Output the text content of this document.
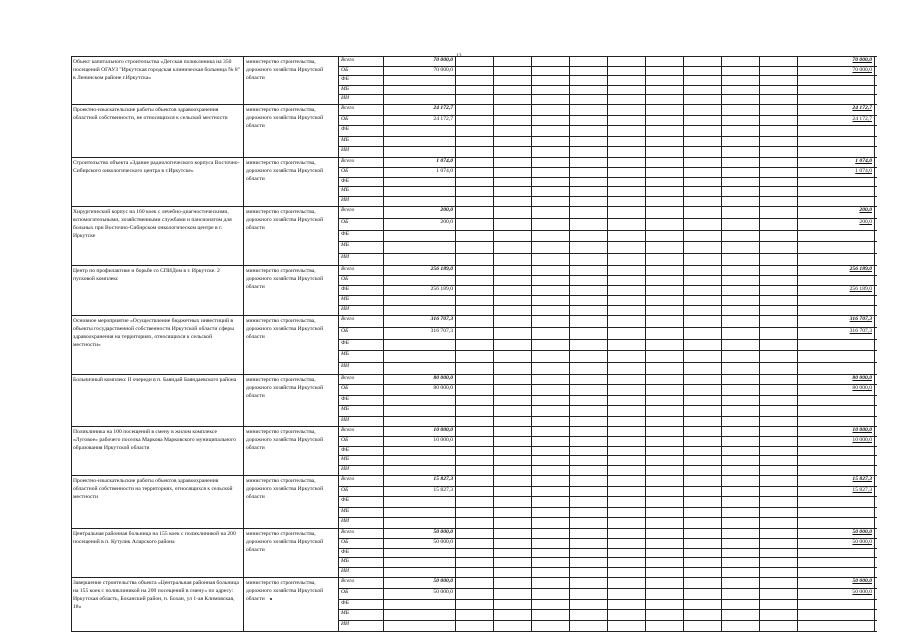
13
Объект капитального строительства «Детская поликлиника на 350 посещений ОГАУЗ "Иркутская городская клиническая больница № 8" в Ленинском районе г.Иркутска»
министерство строительства, дорожного хозяйства Иркутской области
Всего	70 000,0	70 000,0
ОБ	70 000,0	70 000,0
ФБ
МБ
ИИ
Проектно-изыскательские работы объектов здравоохранения областной собственности, не относящихся к сельской местности
министерство строительства, дорожного хозяйства Иркутской области
Всего	24 172,7	24 172,7
ОБ	24 172,7	24 172,7
ФБ
МБ
ИИ
Строительство объекта «Здание радиологического корпуса Восточно-Сибирского онкологического центра в г.Иркутске»
министерство строительства, дорожного хозяйства Иркутской области
Всего	1 074,0	1 074,0
ОБ	1 074,0	1 074,0
ФБ
МБ
ИИ
Хирургический корпус на 160 коек с лечебно-диагностическими, вспомогательными, хозяйственными службами и пансионатом для больных при Восточно-Сибирском онкологическом центре в г. Иркутске
министерство строительства, дорожного хозяйства Иркутской области
Всего	200,0	200,0
ОБ	200,0	200,0
ФБ
МБ
ИИ
Центр по профилактике и борьбе со СПИДом в г. Иркутске. 2 пусковой комплекс
министерство строительства, дорожного хозяйства Иркутской области
Всего	256 189,0	256 189,0
ОБ
ФБ	256 189,0	256 189,0
МБ
ИИ
Основное мероприятие «Осуществление бюджетных инвестиций в объекты государственной собственности Иркутской области сферы здравоохранения на территориях, относящихся к сельской местности»
министерство строительства, дорожного хозяйства Иркутской области
Всего	316 707,3	316 707,3
ОБ	316 707,3	316 707,3
ФБ
МБ
ИИ
Больничный комплекс II очереди в п. Баяндай Баяндаевского района	министерство строительства, дорожного хозяйства Иркутской области
Всего	80 000,0	80 000,0
ОБ	80 000,0	80 000,0
ФБ
МБ
ИИ
Поликлиника на 100 посещений в смену в жилом комплексе «Луговое» рабочего поселка Маркова Марковского муниципального образования Иркутской области
министерство строительства, дорожного хозяйства Иркутской области
Всего	10 000,0	10 000,0
ОБ	10 000,0	10 000,0
ФБ
МБ
ИИ
Проектно-изыскательские работы объектов здравоохранения областной собственности на территориях, относящихся к сельской местности
министерство строительства, дорожного хозяйства Иркутской области
Всего	15 827,3	15 827,3
ОБ	15 827,3	15 827,3
ФБ
МБ
ИИ
Центральная районная больница на 155 коек с поликлиникой на 200 посещений в п. Кутулик Аларского района
министерство строительства, дорожного хозяйства Иркутской области
Всего	50 000,0	50 000,0
ОБ	50 000,0	50 000,0
ФБ
МБ
ИИ
Завершение строительства объекта «Центральная районная больница на 155 коек с поликлиникой на 200 посещений в смену» по адресу: Иркутская область, Боханский район, п. Бохан, ул 1-ая Климовская, 18»
министерство строительства, дорожного хозяйства Иркутской области
Всего	50 000,0	50 000,0
ОБ	50 000,0	50 000,0
ФБ
МБ
ИИ
